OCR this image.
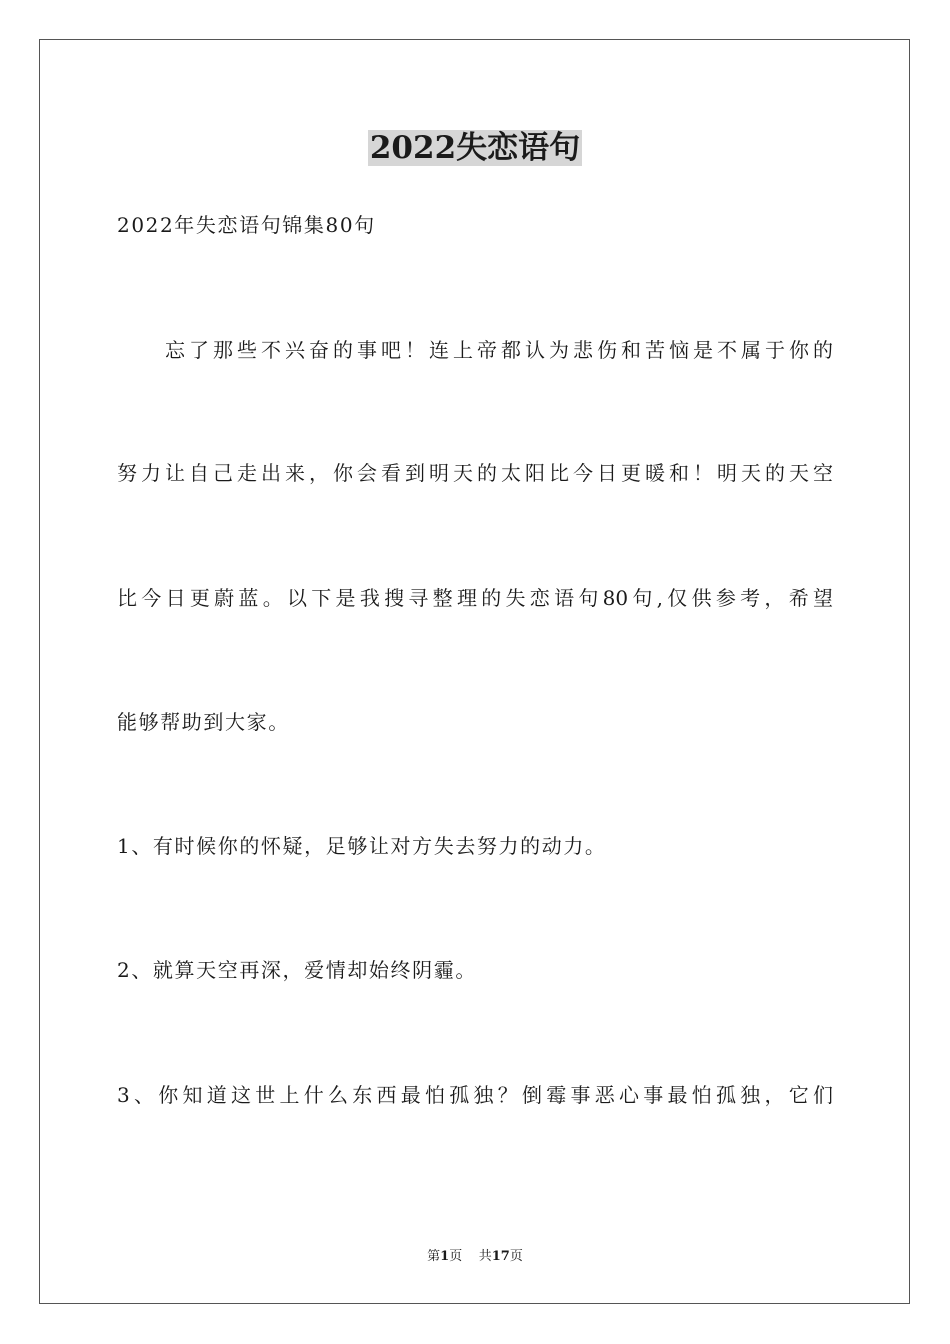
2022失恋语句
2022年失恋语句锦集80句
忘了那些不兴奋的事吧！连上帝都认为悲伤和苦恼是不属于你的
努力让自己走出来，你会看到明天的太阳比今日更暖和！明天的天空
比今日更蔚蓝。以下是我搜寻整理的失恋语句80句,仅供参考，希望
能够帮助到大家。
1、有时候你的怀疑，足够让对方失去努力的动力。
2、就算天空再深，爱情却始终阴霾。
3、你知道这世上什么东西最怕孤独？倒霉事恶心事最怕孤独，它们
第1页 共17页
